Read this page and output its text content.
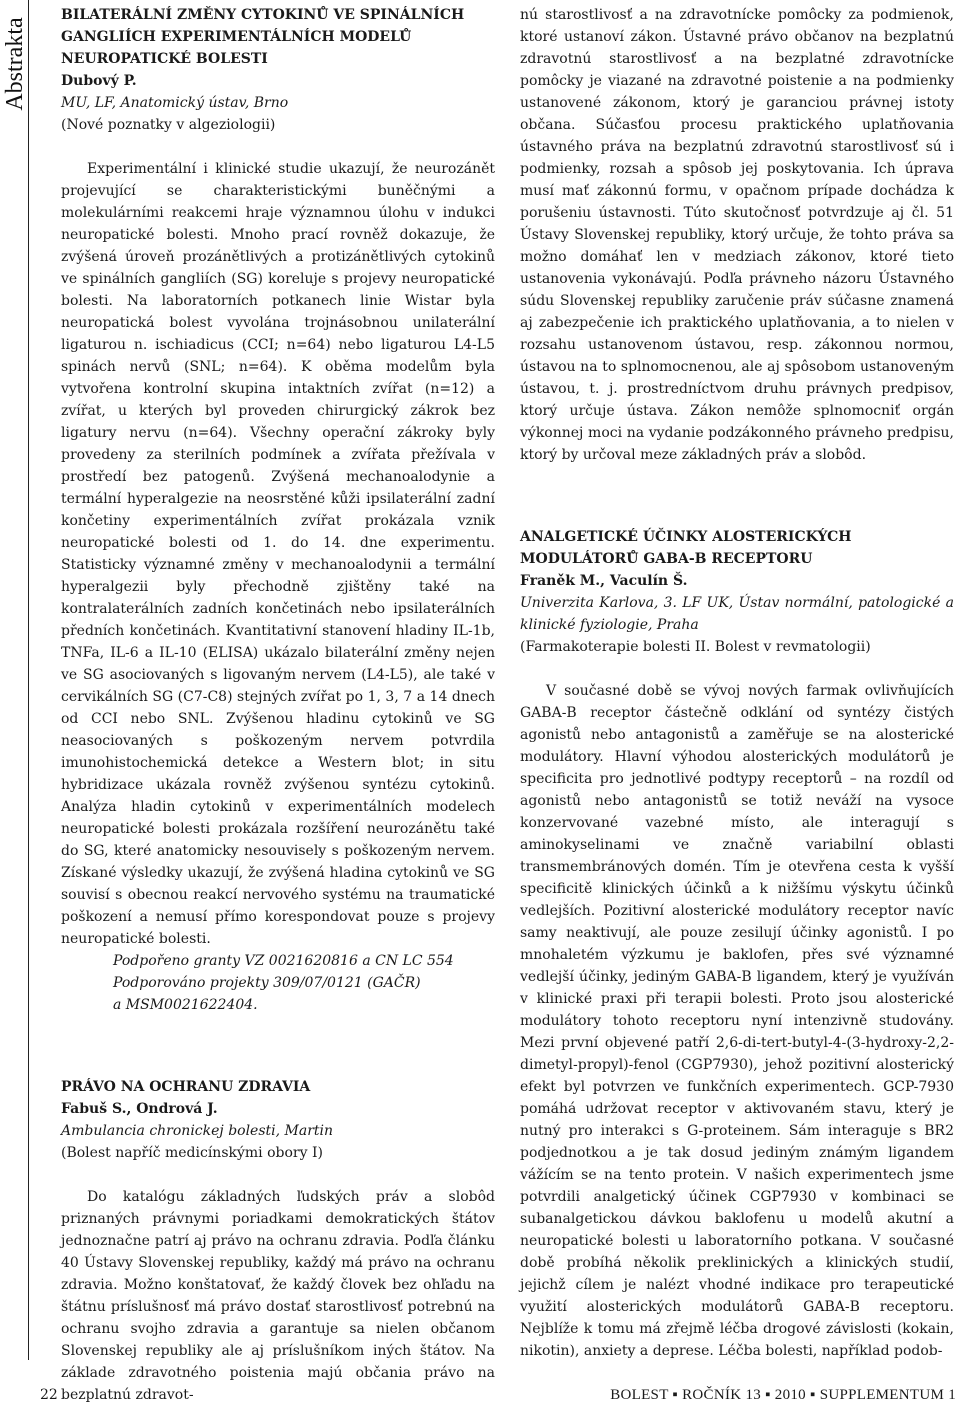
Abstrakta
BILATERÁLNÍ ZMĚNY CYTOKINŮ VE SPINÁLNÍCH GANGLIÍCH EXPERIMENTÁLNÍCH MODELŮ NEUROPATICKÉ BOLESTI
Dubový P.
MU, LF, Anatomický ústav, Brno
(Nové poznatky v algeziologii)

Experimentální i klinické studie ukazují, že neurozánět projevující se charakteristickými buněčnými a molekulárními reakcemi hraje významnou úlohu v indukci neuropatické bolesti. Mnoho prací rovněž dokazuje, že zvýšená úroveň prozánětlivých a protizánětlivých cytokinů ve spinálních gangliích (SG) koreluje s projevy neuropatické bolesti. Na laboratorních potkanech linie Wistar byla neuropatická bolest vyvolána trojnásobnou unilaterální ligaturou n. ischiadicus (CCI; n=64) nebo ligaturou L4-L5 spinách nervů (SNL; n=64). K oběma modelům byla vytvořena kontrolní skupina intaktních zvířat (n=12) a zvířat, u kterých byl proveden chirurgický zákrok bez ligatury nervu (n=64). Všechny operační zákroky byly provedeny za sterilních podmínek a zvířata přežívala v prostředí bez patogenů. Zvýšená mechanoalodynie a termální hyperalgezie na neosrstěné kůži ipsilaterální zadní končetiny experimentálních zvířat prokázala vznik neuropatické bolesti od 1. do 14. dne experimentu. Statisticky významné změny v mechanoalodynii a termální hyperalgezii byly přechodně zjištěny také na kontralaterálních zadních končetinách nebo ipsilaterálních předních končetinách. Kvantitativní stanovení hladiny IL-1b, TNFa, IL-6 a IL-10 (ELISA) ukázalo bilaterální změny nejen ve SG asociovaných s ligovaným nervem (L4-L5), ale také v cervikálních SG (C7-C8) stejných zvířat po 1, 3, 7 a 14 dnech od CCI nebo SNL. Zvýšenou hladinu cytokinů ve SG neasociovaných s poškozeným nervem potvrdila imunohistochemická detekce a Western blot; in situ hybridizace ukázala rovněž zvýšenou syntézu cytokinů. Analýza hladin cytokinů v experimentálních modelech neuropatické bolesti prokázala rozšíření neurozánětu také do SG, které anatomicky nesouvisely s poškozeným nervem. Získané výsledky ukazují, že zvýšená hladina cytokinů ve SG souvisí s obecnou reakcí nervového systému na traumatické poškození a nemusí přímo korespondovat pouze s projevy neuropatické bolesti.

Podpořeno granty VZ 0021620816 a CN LC 554
Podporováno projekty 309/07/0121 (GAČR)
a MSM0021622404.

PRÁVO NA OCHRANU ZDRAVIA
Fabuš S., Ondrová J.
Ambulancia chronickej bolesti, Martin
(Bolest napříč medicínskými obory I)

Do katalógu základných ľudských práv a slobôd priznaných právnymi poriadkami demokratických štátov jednoznačne patrí aj právo na ochranu zdravia. Podľa článku 40 Ústavy Slovenskej republiky, každý má právo na ochranu zdravia. Možno konštatovať, že každý človek bez ohľadu na štátnu príslušnosť má právo dostať starostlivosť potrebnú na ochranu svojho zdravia a garantuje sa nielen občanom Slovenskej republiky ale aj príslušníkom iných štátov. Na základe zdravotného poistenia majú občania právo na bezplatnú zdravot-

nú starostlivosť a na zdravotnícke pomôcky za podmienok, ktoré ustanoví zákon. Ústavné právo občanov na bezplatnú zdravotnú starostlivosť a na bezplatné zdravotnícke pomôcky je viazané na zdravotné poistenie a na podmienky ustanovené zákonom, ktorý je garanciou právnej istoty občana. Súčasťou procesu praktického uplatňovania ústavného práva na bezplatnú zdravotnú starostlivosť sú i podmienky, rozsah a spôsob jej poskytovania. Ich úprava musí mať zákonnú formu, v opačnom prípade dochádza k porušeniu ústavnosti. Túto skutočnosť potvrdzuje aj čl. 51 Ústavy Slovenskej republiky, ktorý určuje, že tohto práva sa možno domáhať len v medziach zákonov, ktoré tieto ustanovenia vykonávajú. Podľa právneho názoru Ústavného súdu Slovenskej republiky zaručenie práv súčasne znamená aj zabezpečenie ich praktického uplatňovania, a to nielen v rozsahu ustanovenom ústavou, resp. zákonnou normou, ústavou na to splnomocnenou, ale aj spôsobom ustanoveným ústavou, t. j. prostredníctvom druhu právnych predpisov, ktorý určuje ústava. Zákon nemôže splnomocniť orgán výkonnej moci na vydanie podzákonného právneho predpisu, ktorý by určoval meze základných práv a slobôd.

ANALGETICKÉ ÚČINKY ALOSTERICKÝCH MODULÁTORŮ GABA-B RECEPTORU
Franěk M., Vaculín Š.
Univerzita Karlova, 3. LF UK, Ústav normální, patologické a klinické fyziologie, Praha
(Farmakoterapie bolesti II. Bolest v revmatologii)

V současné době se vývoj nových farmak ovlivňujících GABA-B receptor částečně odklání od syntézy čistých agonistů nebo antagonistů a zaměřuje se na alosterické modulátory. Hlavní výhodou alosterických modulátorů je specificita pro jednotlivé podtypy receptorů – na rozdíl od agonistů nebo antagonistů se totiž neváží na vysoce konzervované vazebné místo, ale interagují s aminokyselinami ve značně variabilní oblasti transmembránových domén. Tím je otevřena cesta k vyšší specificitě klinických účinků a k nižšímu výskytu účinků vedlejších. Pozitivní alosterické modulátory receptor navíc samy neaktivují, ale pouze zesilují účinky agonistů. I po mnohaletém výzkumu je baklofen, přes své významné vedlejší účinky, jediným GABA-B ligandem, který je využíván v klinické praxi při terapii bolesti. Proto jsou alosterické modulátory tohoto receptoru nyní intenzivně studovány. Mezi první objevené patří 2,6-di-tert-butyl-4-(3-hydroxy-2,2-dimetyl-propyl)-fenol (CGP7930), jehož pozitivní alosterický efekt byl potvrzen ve funkčních experimentech. GCP-7930 pomáhá udržovat receptor v aktivovaném stavu, který je nutný pro interakci s G-proteinem. Sám interaguje s BR2 podjednotkou a je tak dosud jediným známým ligandem vážícím se na tento protein. V našich experimentech jsme potvrdili analgetický účinek CGP7930 v kombinaci se subanalgetickou dávkou baklofenu u modelů akutní a neuropatické bolesti u laboratorního potkana. V současné době probíhá několik preklinických a klinických studií, jejichž cílem je nalézt vhodné indikace pro terapeutické využití alosterických modulátorů GABA-B receptoru. Nejblíže k tomu má zřejmě léčba drogové závislosti (kokain, nikotin), anxiety a deprese. Léčba bolesti, například podob-

22	BOLEST ▪ ROČNÍK 13 ▪ 2010 ▪ SUPPLEMENTUM 1
